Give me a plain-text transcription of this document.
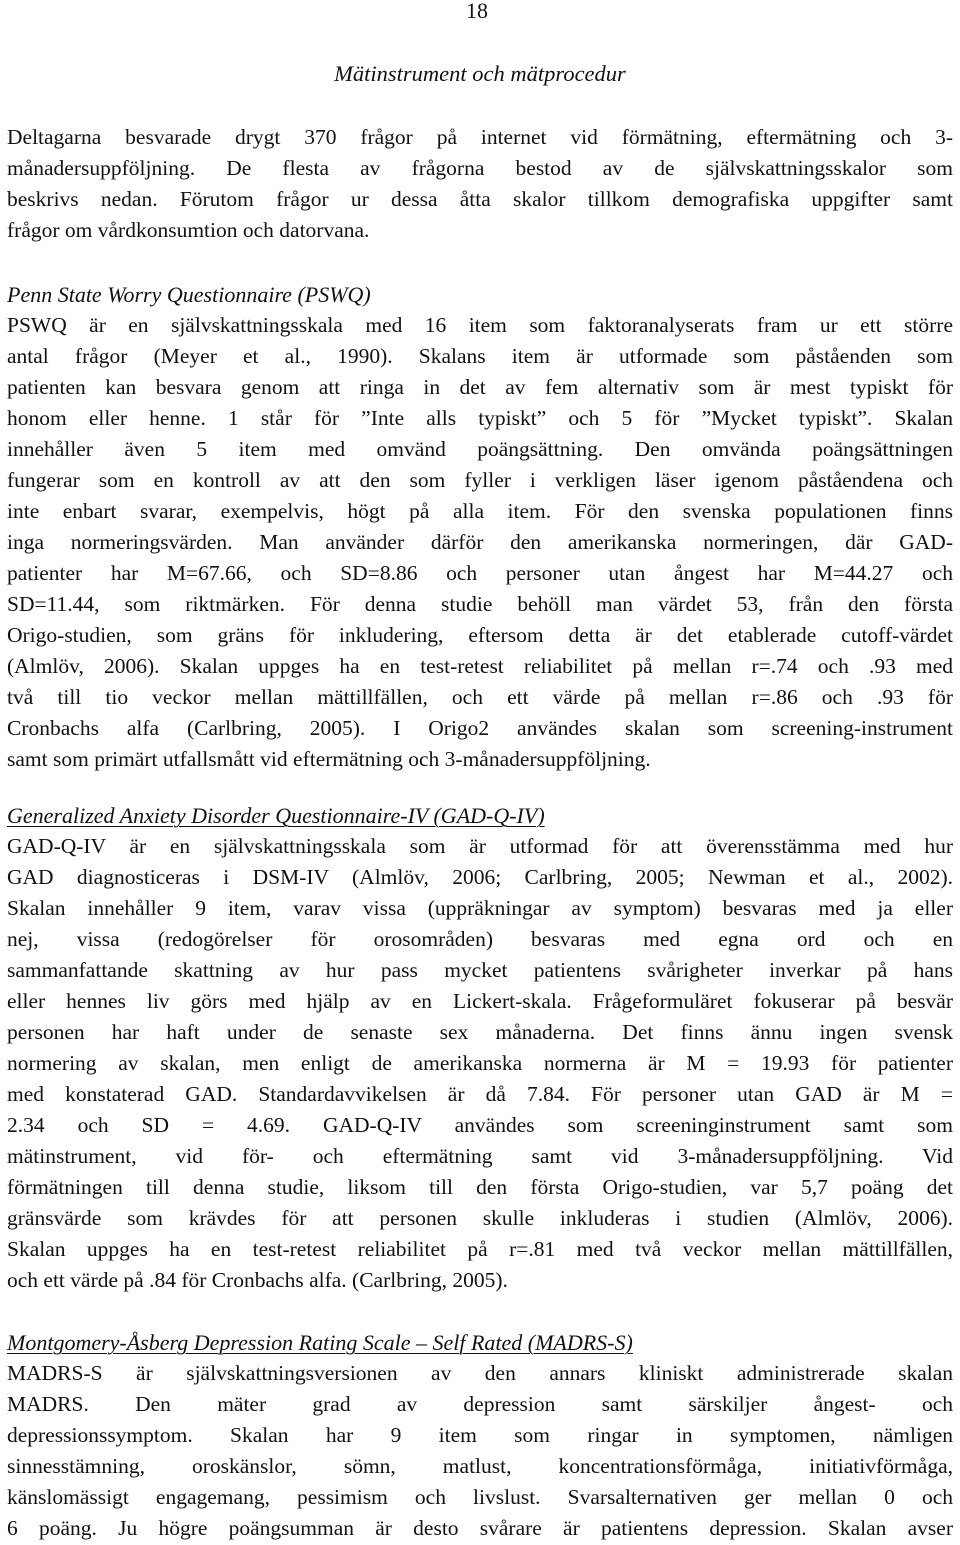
18
Mätinstrument och mätprocedur

Deltagarna besvarade drygt 370 frågor på internet vid förmätning, eftermätning och 3-
månadersuppföljning. De flesta av frågorna bestod av de självskattningsskalor som
beskrivs nedan. Förutom frågor ur dessa åtta skalor tillkom demografiska uppgifter samt
frågor om vårdkonsumtion och datorvana.

Penn State Worry Questionnaire (PSWQ)

PSWQ är en självskattningsskala med 16 item som faktoranalyserats fram ur ett större
antal frågor (Meyer et al., 1990). Skalans item är utformade som påståenden som
patienten kan besvara genom att ringa in det av fem alternativ som är mest typiskt för
honom eller henne. 1 står för ”Inte alls typiskt” och 5 för ”Mycket typiskt”. Skalan
innehåller även 5 item med omvänd poängsättning. Den omvända poängsättningen
fungerar som en kontroll av att den som fyller i verkligen läser igenom påståendena och
inte enbart svarar, exempelvis, högt på alla item. För den svenska populationen finns
inga normeringsvärden. Man använder därför den amerikanska normeringen, där GAD-
patienter har M=67.66, och SD=8.86 och personer utan ångest har M=44.27 och
SD=11.44, som riktmärken. För denna studie behöll man värdet 53, från den första
Origo-studien, som gräns för inkludering, eftersom detta är det etablerade cutoff-värdet
(Almlöv, 2006). Skalan uppges ha en test-retest reliabilitet på mellan r=.74 och .93 med
två till tio veckor mellan mättillfällen, och ett värde på mellan r=.86 och .93 för
Cronbachs alfa (Carlbring, 2005). I Origo2 användes skalan som screening-instrument
samt som primärt utfallsmått vid eftermätning och 3-månadersuppföljning.

Generalized Anxiety Disorder Questionnaire-IV (GAD-Q-IV)

GAD-Q-IV är en självskattningsskala som är utformad för att överensstämma med hur
GAD diagnosticeras i DSM-IV (Almlöv, 2006; Carlbring, 2005; Newman et al., 2002).
Skalan innehåller 9 item, varav vissa (uppräkningar av symptom) besvaras med ja eller
nej, vissa (redogörelser för orosområden) besvaras med egna ord och en
sammanfattande skattning av hur pass mycket patientens svårigheter inverkar på hans
eller hennes liv görs med hjälp av en Lickert-skala. Frågeformuläret fokuserar på besvär
personen har haft under de senaste sex månaderna. Det finns ännu ingen svensk
normering av skalan, men enligt de amerikanska normerna är M = 19.93 för patienter
med konstaterad GAD. Standardavvikelsen är då 7.84. För personer utan GAD är M =
2.34 och SD = 4.69. GAD-Q-IV användes som screeninginstrument samt som
mätinstrument, vid för- och eftermätning samt vid 3-månadersuppföljning. Vid
förmätningen till denna studie, liksom till den första Origo-studien, var 5,7 poäng det
gränsvärde som krävdes för att personen skulle inkluderas i studien (Almlöv, 2006).
Skalan uppges ha en test-retest reliabilitet på r=.81 med två veckor mellan mättillfällen,
och ett värde på .84 för Cronbachs alfa. (Carlbring, 2005).

Montgomery-Åsberg Depression Rating Scale – Self Rated (MADRS-S)

MADRS-S är självskattningsversionen av den annars kliniskt administrerade skalan
MADRS. Den mäter grad av depression samt särskiljer ångest- och
depressionssymptom. Skalan har 9 item som ringar in symptomen, nämligen
sinnesstämning, oroskänslor, sömn, matlust, koncentrationsförmåga, initiativförmåga,
känslomässigt engagemang, pessimism och livslust. Svarsalternativen ger mellan 0 och
6 poäng. Ju högre poängsumman är desto svårare är patientens depression. Skalan avser
